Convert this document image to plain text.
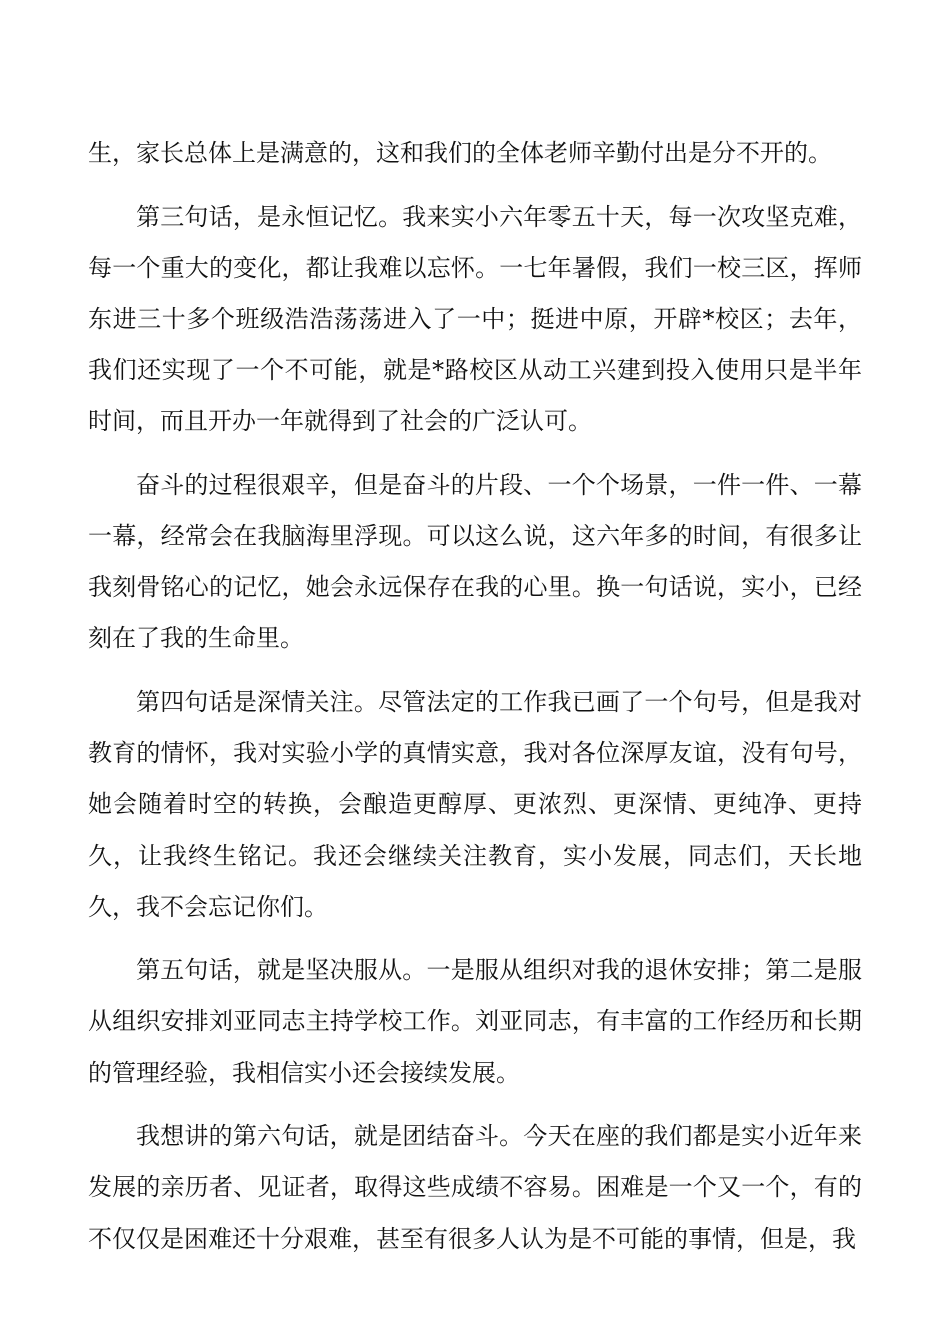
生，家长总体上是满意的，这和我们的全体老师辛勤付出是分不开的。

第三句话，是永恒记忆。我来实小六年零五十天，每一次攻坚克难，每一个重大的变化，都让我难以忘怀。一七年暑假，我们一校三区，挥师东进三十多个班级浩浩荡荡进入了一中；挺进中原，开辟*校区；去年，我们还实现了一个不可能，就是*路校区从动工兴建到投入使用只是半年时间，而且开办一年就得到了社会的广泛认可。

奋斗的过程很艰辛，但是奋斗的片段、一个个场景，一件一件、一幕一幕，经常会在我脑海里浮现。可以这么说，这六年多的时间，有很多让我刻骨铭心的记忆，她会永远保存在我的心里。换一句话说，实小，已经刻在了我的生命里。

第四句话是深情关注。尽管法定的工作我已画了一个句号，但是我对教育的情怀，我对实验小学的真情实意，我对各位深厚友谊，没有句号，她会随着时空的转换，会酿造更醇厚、更浓烈、更深情、更纯净、更持久，让我终生铭记。我还会继续关注教育，实小发展，同志们，天长地久，我不会忘记你们。

第五句话，就是坚决服从。一是服从组织对我的退休安排；第二是服从组织安排刘亚同志主持学校工作。刘亚同志，有丰富的工作经历和长期的管理经验，我相信实小还会接续发展。

我想讲的第六句话，就是团结奋斗。今天在座的我们都是实小近年来发展的亲历者、见证者，取得这些成绩不容易。困难是一个又一个，有的不仅仅是困难还十分艰难，甚至有很多人认为是不可能的事情，但是，我
